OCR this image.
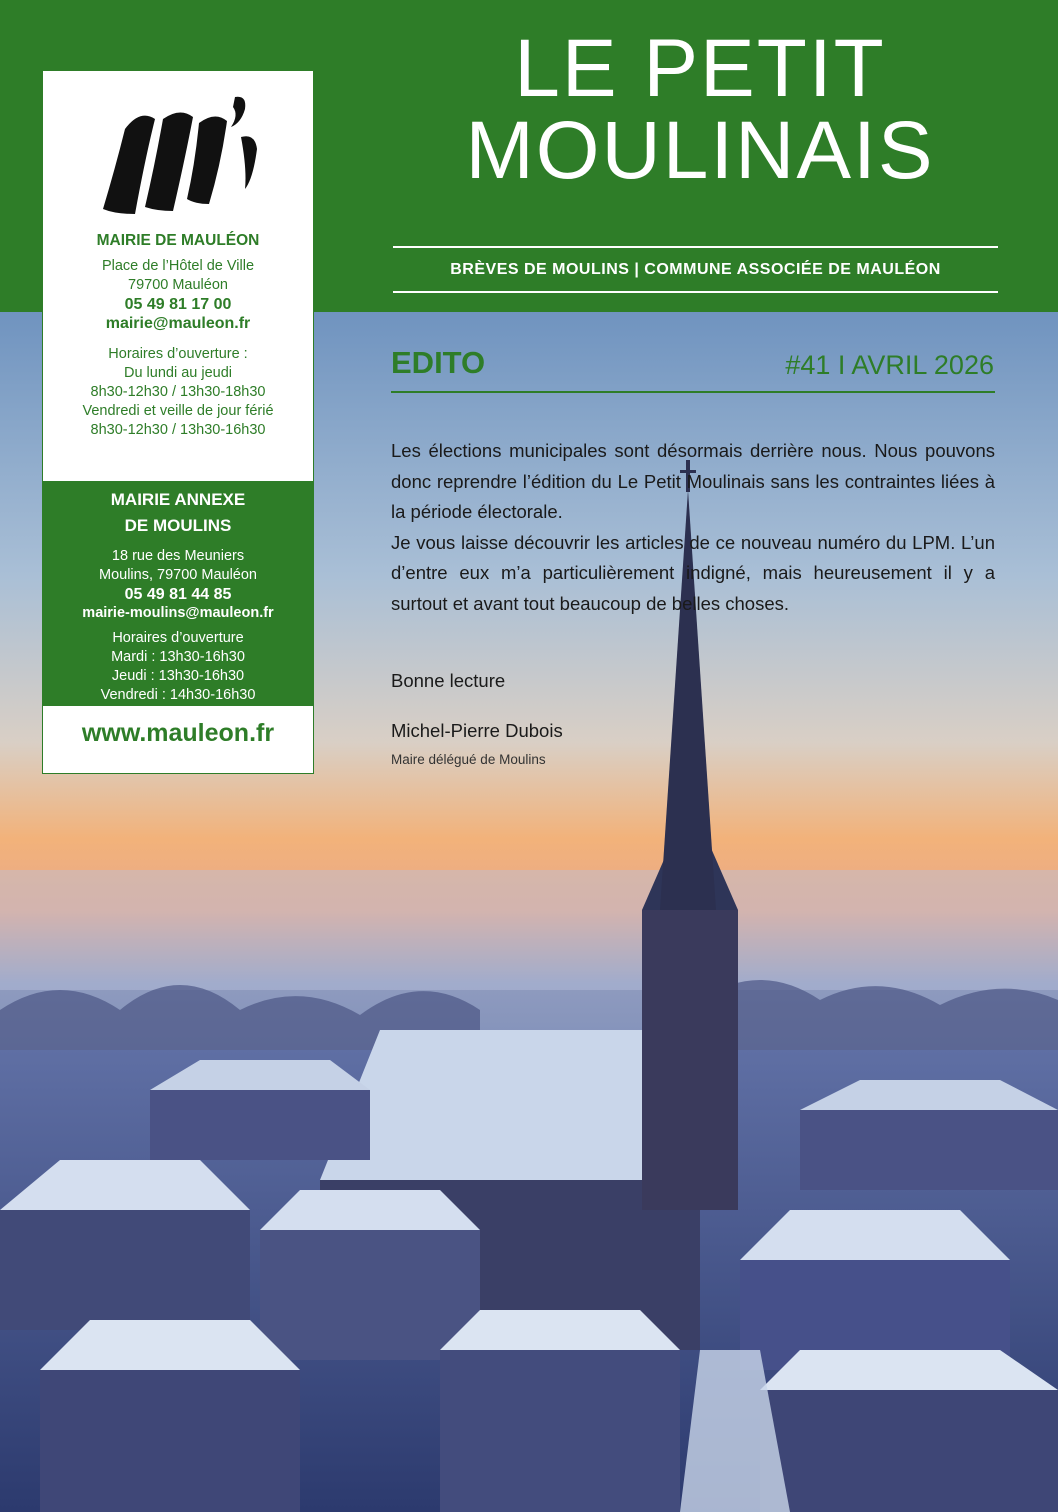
LE PETIT
MOULINAIS
BRÈVES DE MOULINS | COMMUNE ASSOCIÉE DE MAULÉON
MAIRIE DE MAULÉON
Place de l’Hôtel de Ville
79700 Mauléon
05 49 81 17 00
mairie@mauleon.fr
Horaires d’ouverture :
Du lundi au jeudi
8h30-12h30 / 13h30-18h30
Vendredi et veille de jour férié
8h30-12h30 / 13h30-16h30
MAIRIE ANNEXE
DE MOULINS
18 rue des Meuniers
Moulins, 79700 Mauléon
05 49 81 44 85
mairie-moulins@mauleon.fr
Horaires d’ouverture
Mardi : 13h30-16h30
Jeudi : 13h30-16h30
Vendredi : 14h30-16h30
www.mauleon.fr
EDITO	#41 I AVRIL 2026

Les élections municipales sont désormais derrière nous. Nous pouvons donc reprendre l’édition du Le Petit Moulinais sans les contraintes liées à la période électorale.

Je vous laisse découvrir les articles de ce nouveau numéro du LPM. L’un d’entre eux m’a particulièrement indigné, mais heureusement il y a surtout et avant tout beaucoup de belles choses.

Bonne lecture
Michel-Pierre Dubois
Maire délégué de Moulins
